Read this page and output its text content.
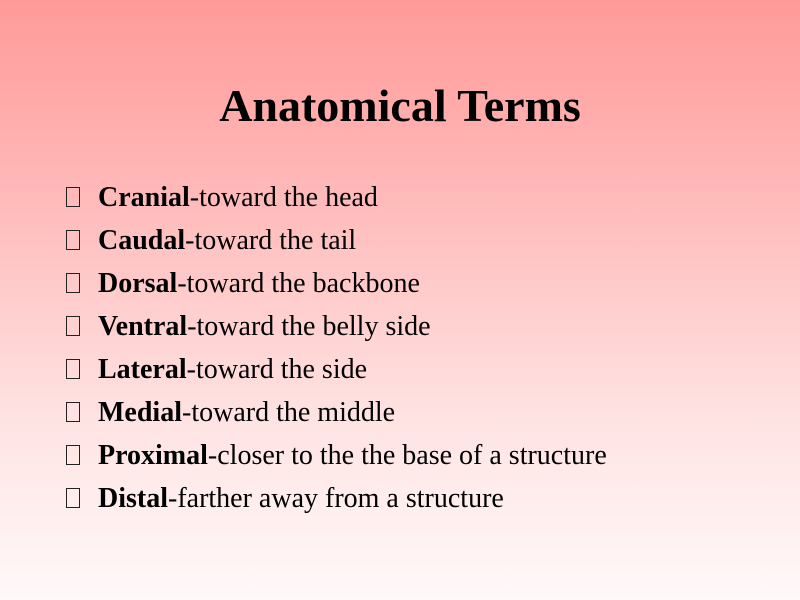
Anatomical Terms
Cranial -toward the head
Caudal -toward the tail
Dorsal -toward the backbone
Ventral -toward the belly side
Lateral -toward the side
Medial -toward the middle
Proximal -closer to the the base of a structure
Distal -farther away from a structure
